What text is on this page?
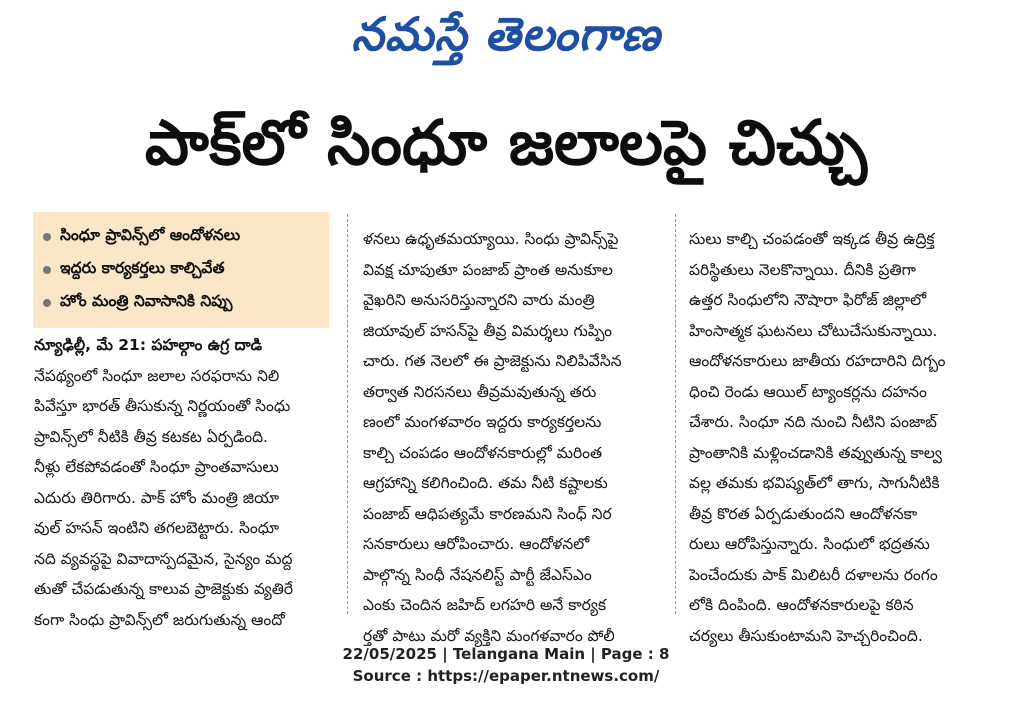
నమస్తే తెలంగాణ
పాక్‌లో సింధూ జలాలపై చిచ్చు
సింధూ ప్రావిన్స్‌లో ఆందోళనలు
ఇద్దరు కార్యకర్తలు కాల్చివేత
హోం మంత్రి నివాసానికి నిప్పు

న్యూఢిల్లీ, మే 21: పహల్గాం ఉగ్ర దాడి

నేపథ్యంలో సింధూ జలాల సరఫరాను నిలి

పివేస్తూ భారత్ తీసుకున్న నిర్ణయంతో సింధు

ప్రావిన్స్‌లో నీటికి తీవ్ర కటకట ఏర్పడింది.

నీళ్లు లేకపోవడంతో సింధూ ప్రాంతవాసులు

ఎదురు తిరిగారు. పాక్ హోం మంత్రి జియా

వుల్ హసన్ ఇంటిని తగలబెట్టారు. సింధూ

నది వ్యవస్థపై వివాదాస్పదమైన, సైన్యం మద్ద

తుతో చేపడుతున్న కాలువ ప్రాజెక్టుకు వ్యతిరే

కంగా సింధు ప్రావిన్స్‌లో జరుగుతున్న ఆందో

ళనలు ఉధృతమయ్యాయి. సింధు ప్రావిన్స్‌పై

వివక్ష చూపుతూ పంజాబ్ ప్రాంత అనుకూల

వైఖరిని అనుసరిస్తున్నారని వారు మంత్రి

జియావుల్ హసన్‌పై తీవ్ర విమర్శలు గుప్పిం

చారు. గత నెలలో ఈ ప్రాజెక్టును నిలిపివేసిన

తర్వాత నిరసనలు తీవ్రమవుతున్న తరు

ణంలో మంగళవారం ఇద్దరు కార్యకర్తలను

కాల్చి చంపడం ఆందోళనకారుల్లో మరింత

ఆగ్రహాన్ని కలిగించింది. తమ నీటి కష్టాలకు

పంజాబ్ ఆధిపత్యమే కారణమని సింధ్ నిర

సనకారులు ఆరోపించారు. ఆందోళనలో

పాల్గొన్న సింధీ నేషనలిస్ట్ పార్టీ జేఎస్ఎం

ఎంకు చెందిన జహిద్ లగహరి అనే కార్యక

ర్తతో పాటు మరో వ్యక్తిని మంగళవారం పోలీ

సులు కాల్చి చంపడంతో ఇక్కడ తీవ్ర ఉద్రిక్త

పరిస్థితులు నెలకొన్నాయి. దీనికి ప్రతిగా

ఉత్తర సింధులోని నౌషారా ఫిరోజ్ జిల్లాలో

హింసాత్మక ఘటనలు చోటుచేసుకున్నాయి.

ఆందోళనకారులు జాతీయ రహదారిని దిగ్బం

ధించి రెండు ఆయిల్ ట్యాంకర్లను దహనం

చేశారు. సింధూ నది నుంచి నీటిని పంజాబ్

ప్రాంతానికి మళ్లించడానికి తవ్వుతున్న కాల్వ

వల్ల తమకు భవిష్యత్‌లో తాగు, సాగునీటికి

తీవ్ర కొరత ఏర్పడుతుందని ఆందోళనకా

రులు ఆరోపిస్తున్నారు. సింధులో భద్రతను

పెంచేందుకు పాక్ మిలిటరీ దళాలను రంగం

లోకి దింపింది. ఆందోళనకారులపై కఠిన

చర్యలు తీసుకుంటామని హెచ్చరించింది.

22/05/2025 | Telangana Main | Page : 8
Source : https://epaper.ntnews.com/
